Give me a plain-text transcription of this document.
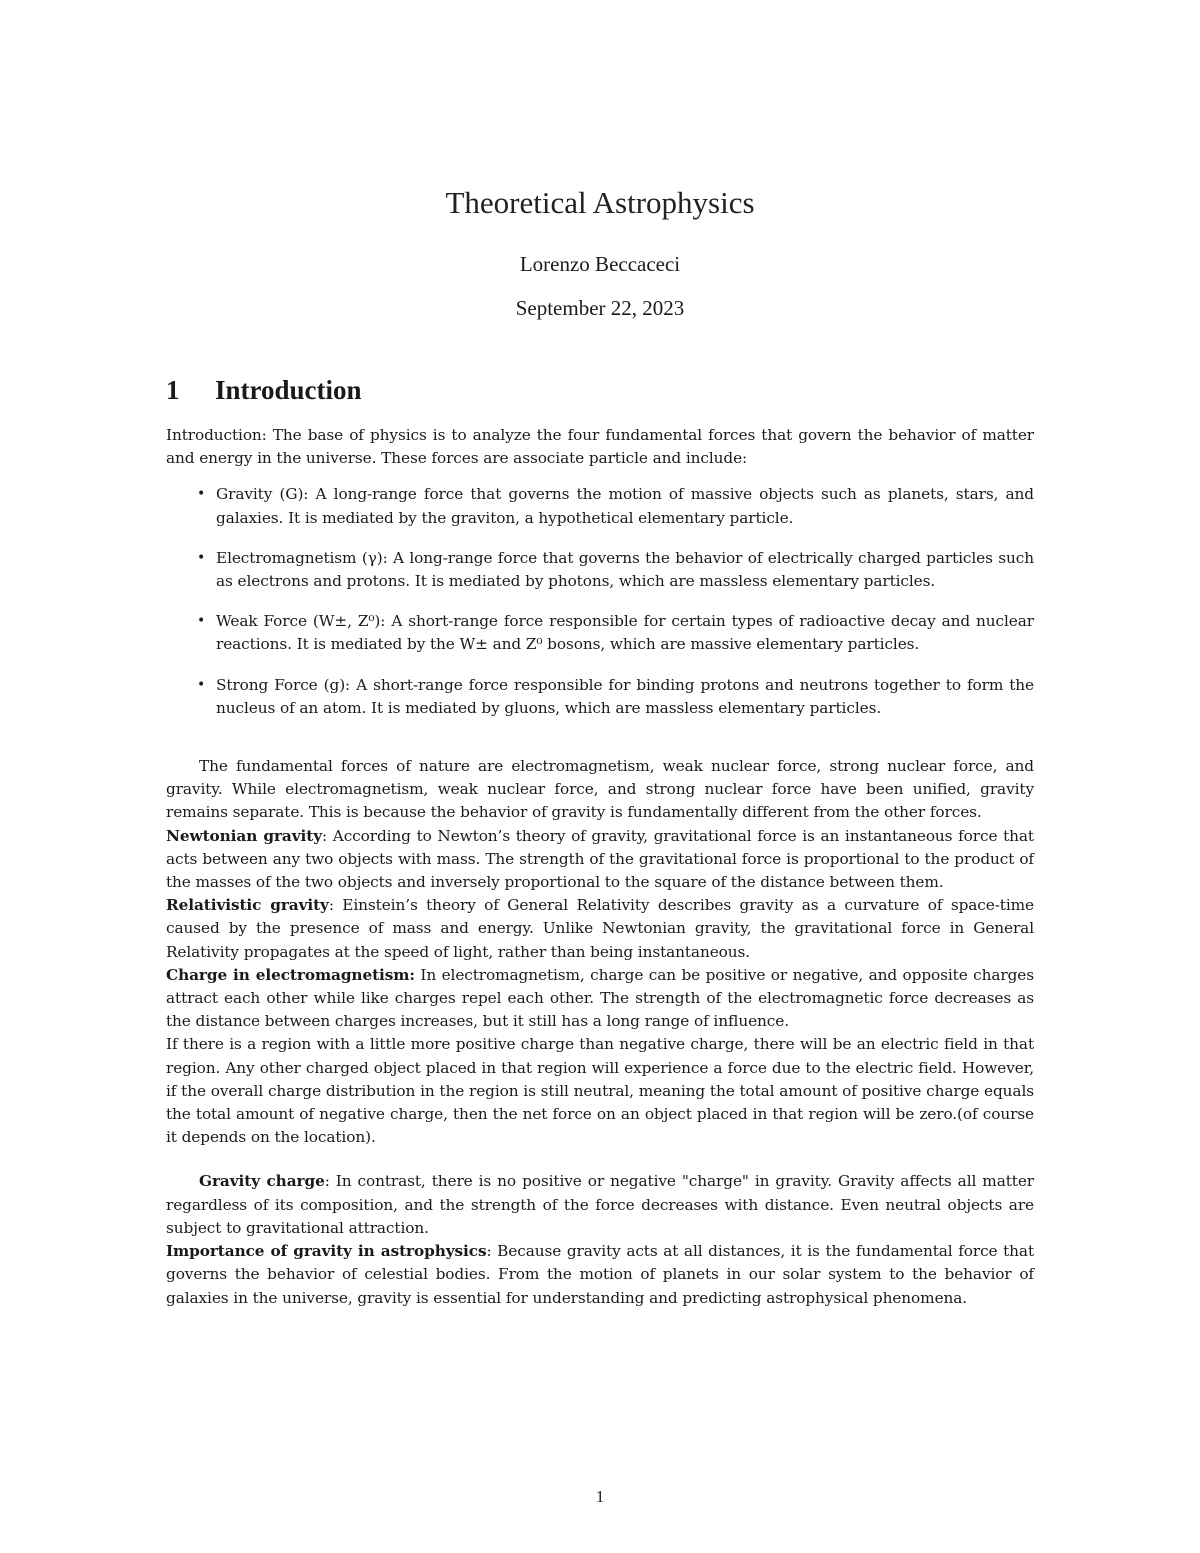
Theoretical Astrophysics
Lorenzo Beccaceci
September 22, 2023
1 Introduction

Introduction: The base of physics is to analyze the four fundamental forces that govern the behavior of matter and energy in the universe. These forces are associate particle and include:

• Gravity (G): A long-range force that governs the motion of massive objects such as planets, stars, and galaxies. It is mediated by the graviton, a hypothetical elementary particle.
• Electromagnetism (γ): A long-range force that governs the behavior of electrically charged particles such as electrons and protons. It is mediated by photons, which are massless elementary particles.
• Weak Force (W±, Z⁰): A short-range force responsible for certain types of radioactive decay and nuclear reactions. It is mediated by the W± and Z⁰ bosons, which are massive elementary particles.
• Strong Force (g): A short-range force responsible for binding protons and neutrons together to form the nucleus of an atom. It is mediated by gluons, which are massless elementary particles.

The fundamental forces of nature are electromagnetism, weak nuclear force, strong nuclear force, and gravity. While electromagnetism, weak nuclear force, and strong nuclear force have been unified, gravity remains separate. This is because the behavior of gravity is fundamentally different from the other forces.

Newtonian gravity: According to Newton’s theory of gravity, gravitational force is an instantaneous force that acts between any two objects with mass. The strength of the gravitational force is proportional to the product of the masses of the two objects and inversely proportional to the square of the distance between them.

Relativistic gravity: Einstein’s theory of General Relativity describes gravity as a curvature of space-time caused by the presence of mass and energy. Unlike Newtonian gravity, the gravitational force in General Relativity propagates at the speed of light, rather than being instantaneous.

Charge in electromagnetism: In electromagnetism, charge can be positive or negative, and opposite charges attract each other while like charges repel each other. The strength of the electromagnetic force decreases as the distance between charges increases, but it still has a long range of influence.

If there is a region with a little more positive charge than negative charge, there will be an electric field in that region. Any other charged object placed in that region will experience a force due to the electric field. However, if the overall charge distribution in the region is still neutral, meaning the total amount of positive charge equals the total amount of negative charge, then the net force on an object placed in that region will be zero.(of course it depends on the location).

Gravity charge: In contrast, there is no positive or negative "charge" in gravity. Gravity affects all matter regardless of its composition, and the strength of the force decreases with distance. Even neutral objects are subject to gravitational attraction.

Importance of gravity in astrophysics: Because gravity acts at all distances, it is the fundamental force that governs the behavior of celestial bodies. From the motion of planets in our solar system to the behavior of galaxies in the universe, gravity is essential for understanding and predicting astrophysical phenomena.

1
